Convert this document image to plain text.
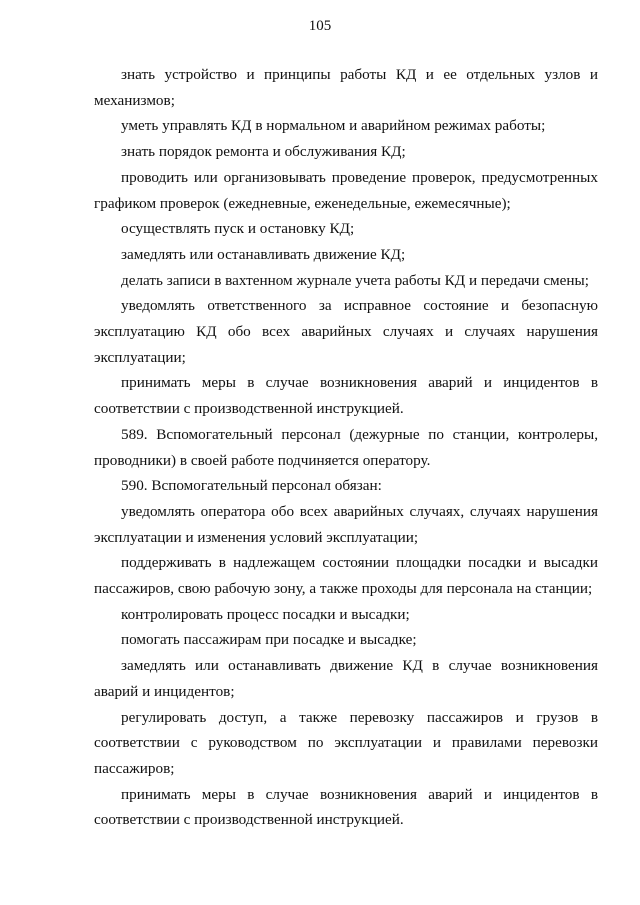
105

знать устройство и принципы работы КД и ее отдельных узлов и механизмов;

уметь управлять КД в нормальном и аварийном режимах работы;

знать порядок ремонта и обслуживания КД;

проводить или организовывать проведение проверок, предусмотренных графиком проверок (ежедневные, еженедельные, ежемесячные);

осуществлять пуск и остановку КД;

замедлять или останавливать движение КД;

делать записи в вахтенном журнале учета работы КД и передачи смены;

уведомлять ответственного за исправное состояние и безопасную эксплуатацию КД обо всех аварийных случаях и случаях нарушения эксплуатации;

принимать меры в случае возникновения аварий и инцидентов в соответствии с производственной инструкцией.

589. Вспомогательный персонал (дежурные по станции, контролеры, проводники) в своей работе подчиняется оператору.

590. Вспомогательный персонал обязан:

уведомлять оператора обо всех аварийных случаях, случаях нарушения эксплуатации и изменения условий эксплуатации;

поддерживать в надлежащем состоянии площадки посадки и высадки пассажиров, свою рабочую зону, а также проходы для персонала на станции;

контролировать процесс посадки и высадки;

помогать пассажирам при посадке и высадке;

замедлять или останавливать движение КД в случае возникновения аварий и инцидентов;

регулировать доступ, а также перевозку пассажиров и грузов в соответствии с руководством по эксплуатации и правилами перевозки пассажиров;

принимать меры в случае возникновения аварий и инцидентов в соответствии с производственной инструкцией.
